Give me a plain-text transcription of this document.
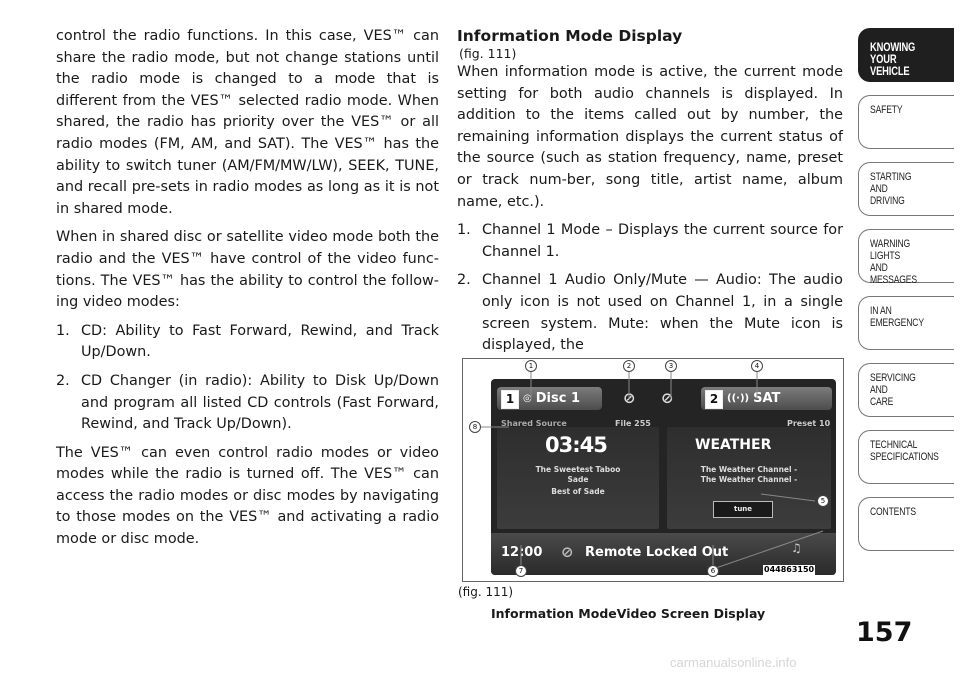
control the radio functions. In this case, VES™ can share the radio mode, but not change stations until the radio mode is changed to a mode that is different from the VES™ selected radio mode. When shared, the radio has priority over the VES™ or all radio modes (FM, AM, and SAT). The VES™ has the ability to switch tuner (AM/FM/MW/LW), SEEK, TUNE, and recall pre-sets in radio modes as long as it is not in shared mode.

When in shared disc or satellite video mode both the radio and the VES™ have control of the video func-tions. The VES™ has the ability to control the follow-ing video modes:

1. CD: Ability to Fast Forward, Rewind, and Track Up/Down.
2. CD Changer (in radio): Ability to Disk Up/Down and program all listed CD controls (Fast Forward, Rewind, and Track Up/Down).

The VES™ can even control radio modes or video modes while the radio is turned off. The VES™ can access the radio modes or disc modes by navigating to those modes on the VES™ and activating a radio mode or disc mode.

Information Mode Display

(fig. 111)

When information mode is active, the current mode setting for both audio channels is displayed. In addition to the items called out by number, the remaining information displays the current status of the source (such as station frequency, name, preset or track num-ber, song title, artist name, album name, etc.).

1. Channel 1 Mode – Displays the current source for Channel 1.
2. Channel 1 Audio Only/Mute — Audio: The audio only icon is not used on Channel 1, in a single screen system. Mute: when the Mute icon is displayed, the
1 ◎ Disc 1	⊘ ⊘	2 ((·)) SAT
Shared Source	File 255
03:45
The Sweetest Taboo
Sade
Best of Sade
Preset 10
WEATHER
The Weather Channel -
The Weather Channel -
tune
12:00 ⊘ Remote Locked Out	♫
044863150
1	2	3	4
5
6
7
8
(fig. 111)
Information ModeVideo Screen Display
KNOWING
YOUR
VEHICLE
SAFETY
STARTING
AND
DRIVING
WARNING
LIGHTS
AND
MESSAGES
IN AN
EMERGENCY
SERVICING
AND
CARE
TECHNICAL
SPECIFICATIONS
CONTENTS
157
carmanualsonline.info
